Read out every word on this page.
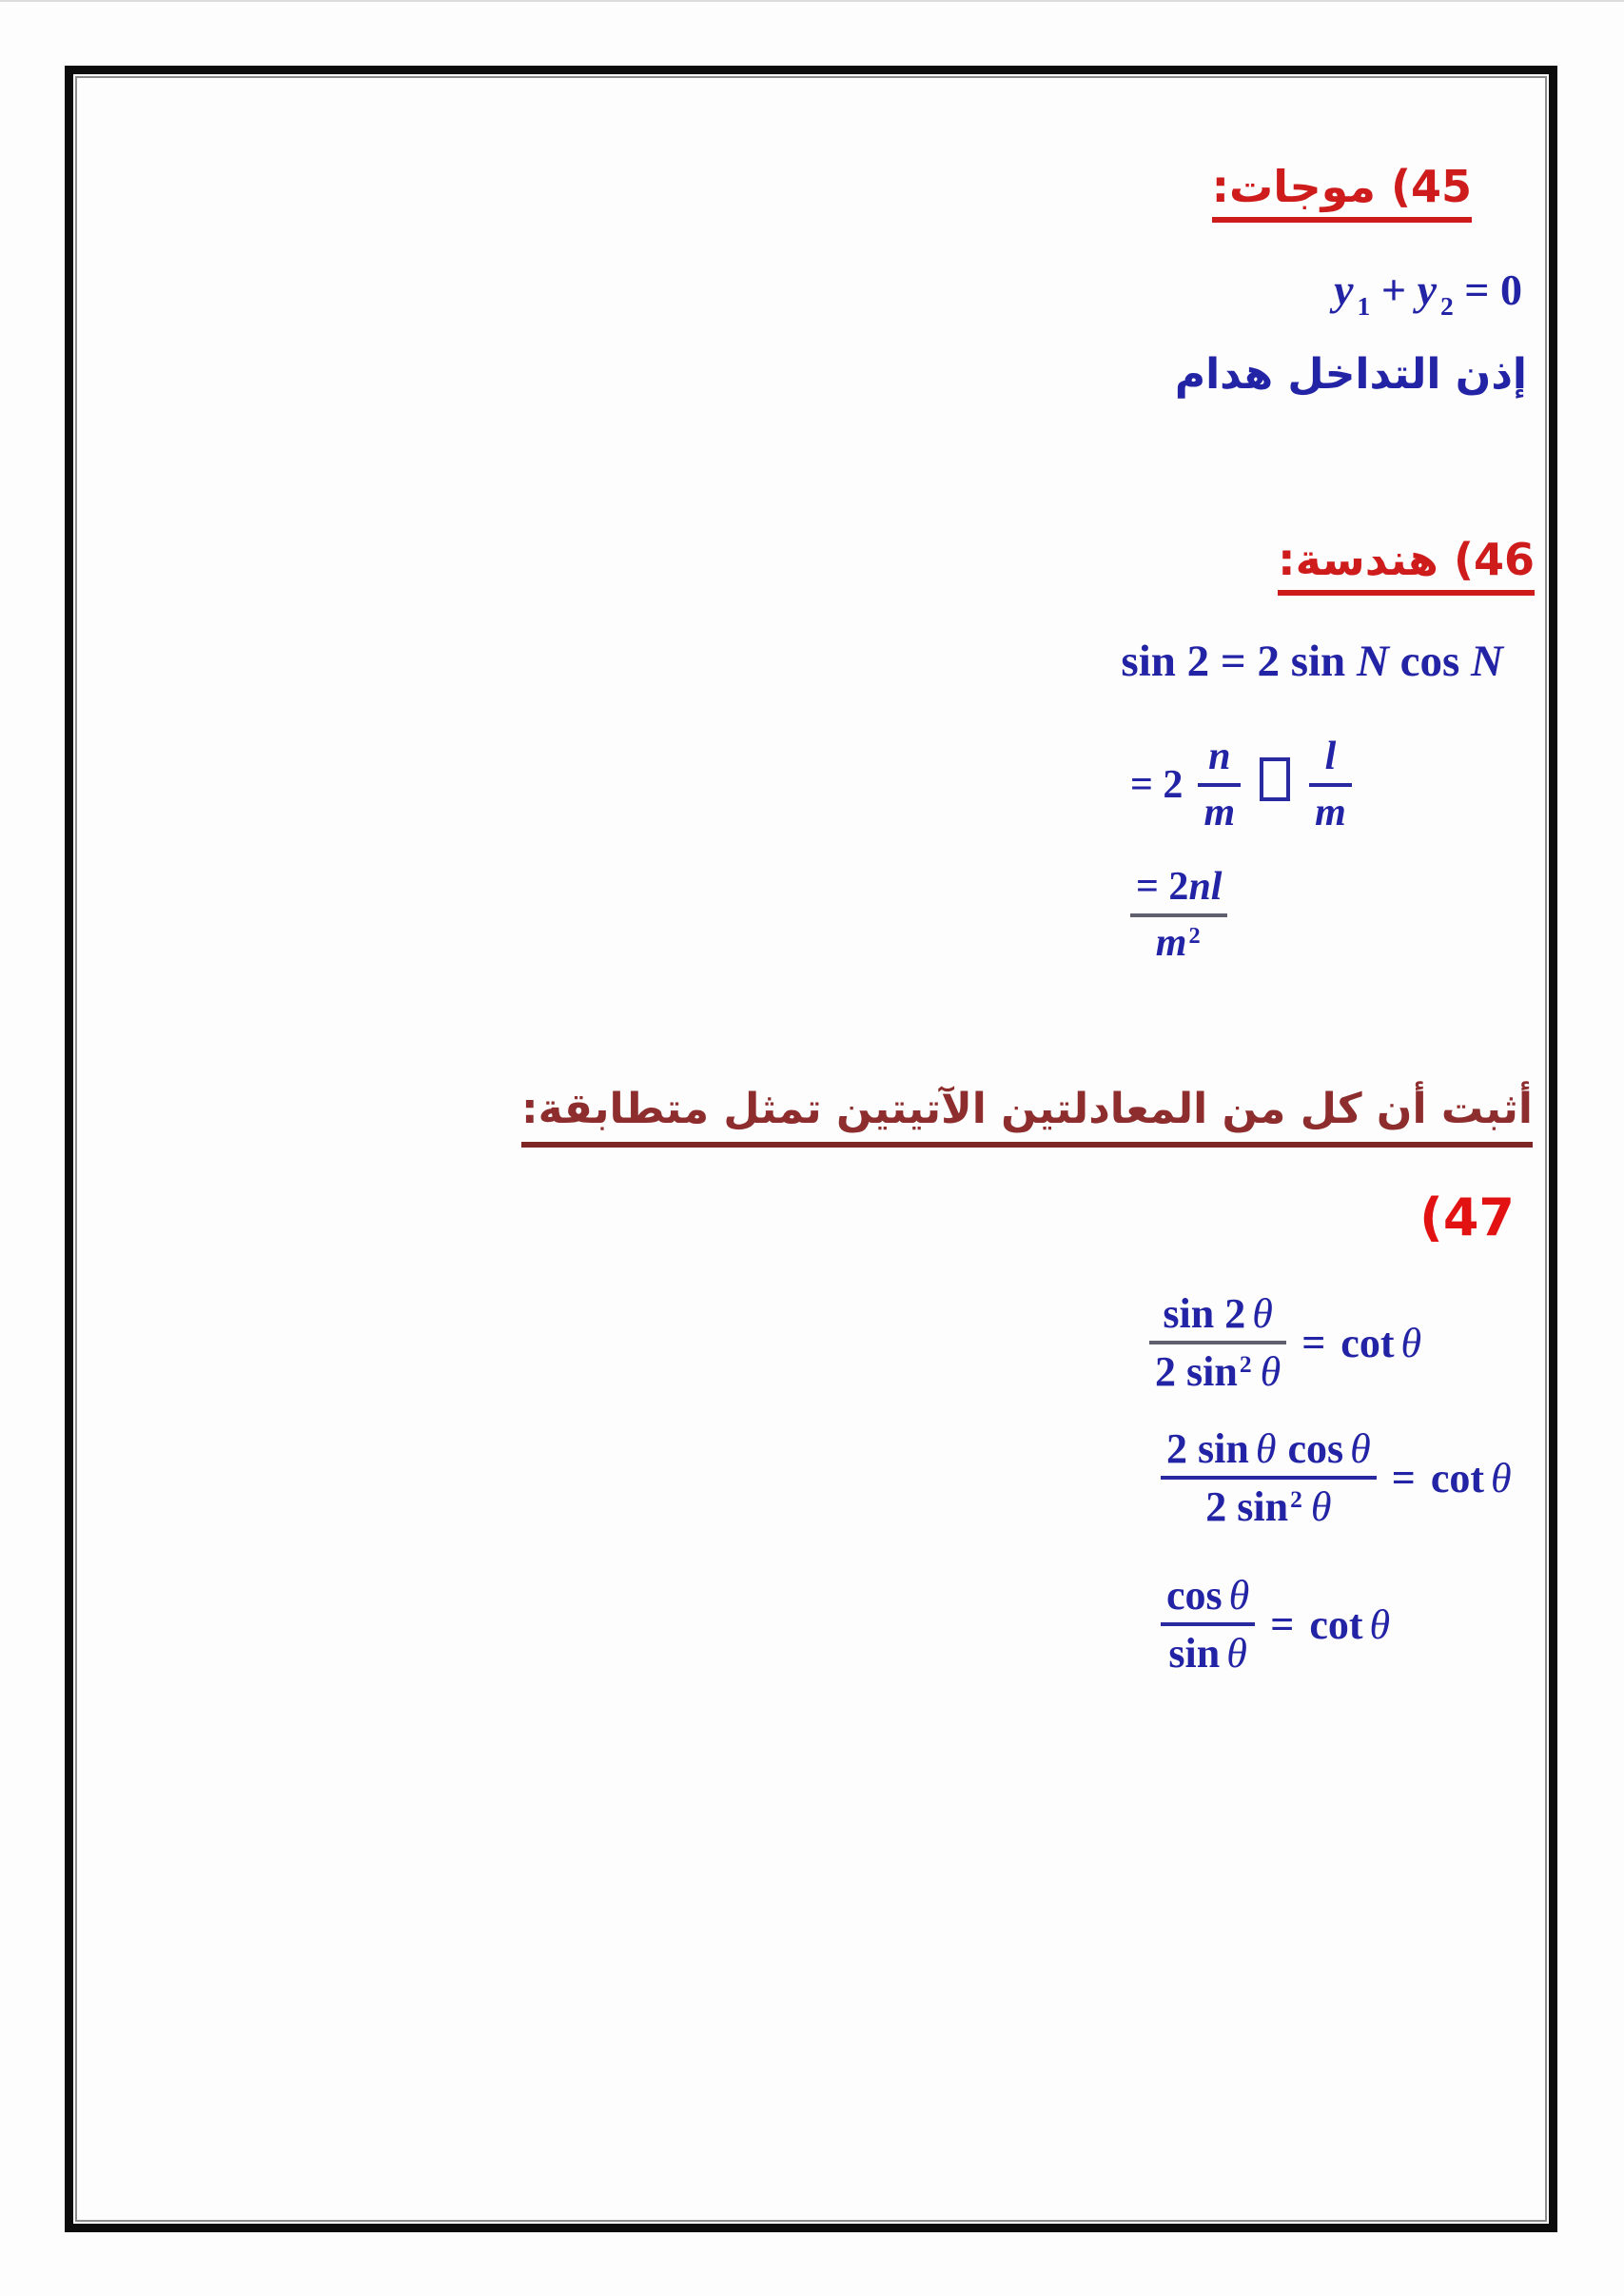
45) موجات:
y $_1$ + y $_2$ = 0
إذن التداخل هدام
46) هندسة:
sin 2 = 2 sin N cos N
= $2 \frac{n}{m} \frac{l}{m}$
$\frac{= 2nl}{m^2}$
أثبت أن كل من المعادلتين الآتيتين تمثل متطابقة:
47)
$\frac{\sin 2 \theta}{2 \sin^2 \theta} = \cot \theta$
$\frac{\text{2 sin θ cos θ}}{2 \sin^2 \theta} = \cot \theta$
$\frac{\text{cos θ}}{\text{sin θ}} = \cot \theta$
